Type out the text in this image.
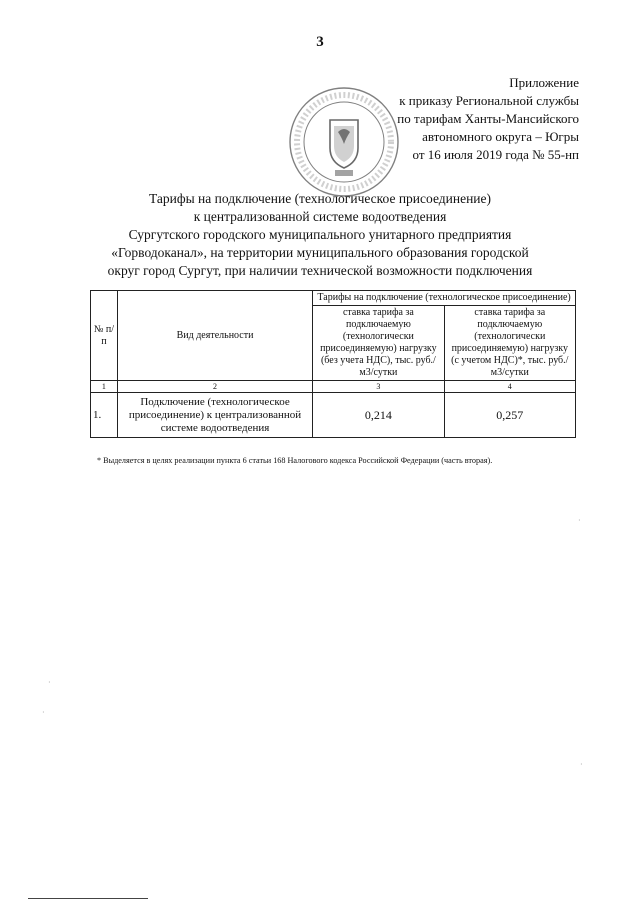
3
Приложение
к приказу Региональной службы
по тарифам Ханты-Мансийского
автономного округа – Югры
от 16 июля 2019 года № 55-нп
Тарифы на подключение (технологическое присоединение)
к централизованной системе водоотведения
Сургутского городского муниципального унитарного предприятия
«Горводоканал», на территории муниципального образования городской
округ город Сургут, при наличии технической возможности подключения
№ п/п	Вид деятельности	Тарифы на подключение (технологическое присоединение)	
		ставка тарифа за подключаемую (технологически присоединяемую) нагрузку (без учета НДС), тыс. руб./м3/сутки	ставка тарифа за подключаемую (технологически присоединяемую) нагрузку (с учетом НДС)*, тыс. руб./м3/сутки
1	2	3	4
1.	Подключение (технологическое присоединение) к централизованной системе водоотведения	0,214	0,257
* Выделяется в целях реализации пункта 6 статьи 168 Налогового кодекса Российской Федерации (часть вторая).
·
·
·
·
